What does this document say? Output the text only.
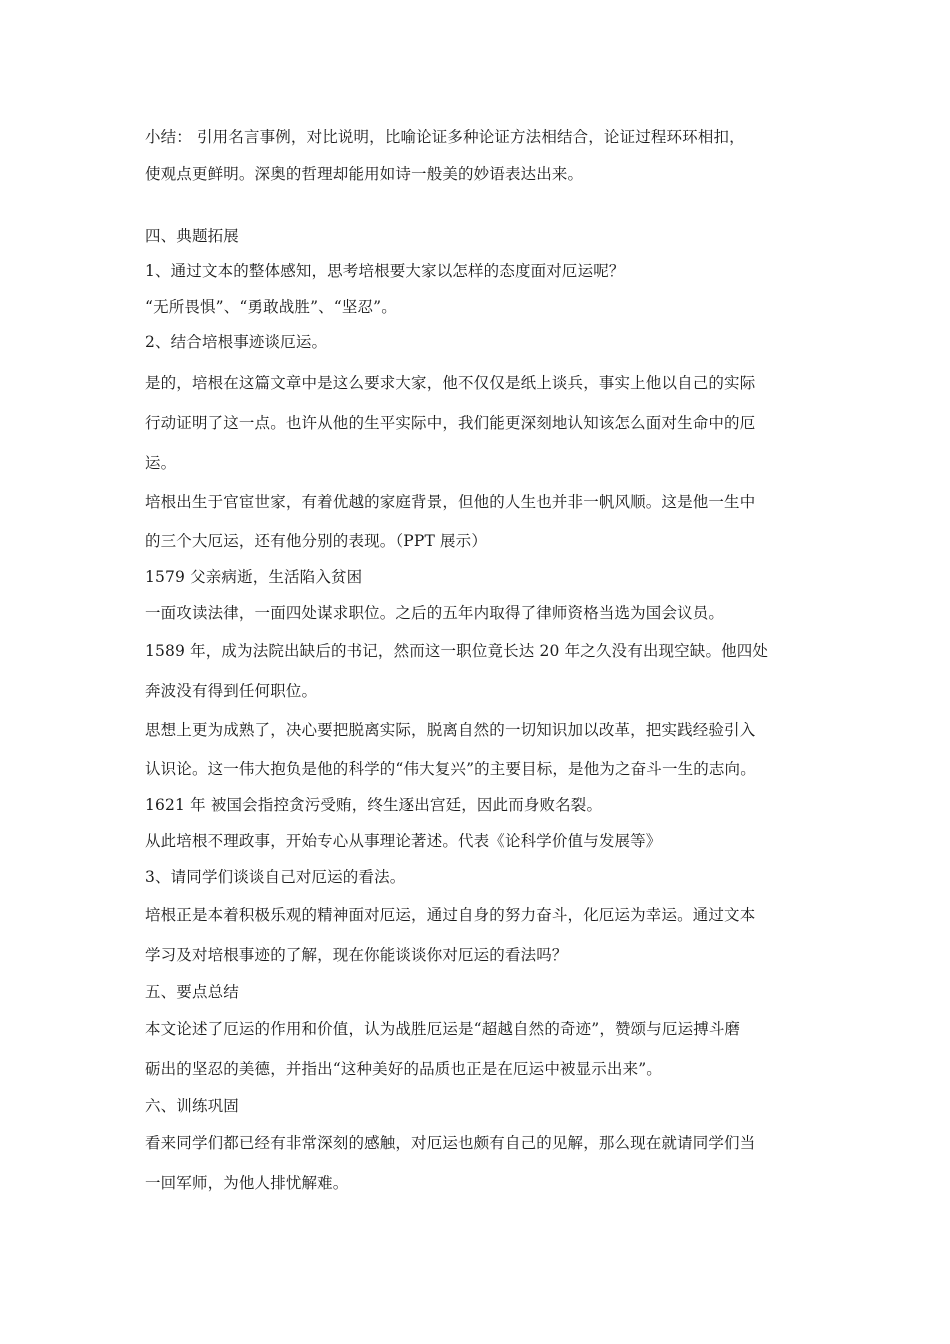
小结： 引用名言事例，对比说明，比喻论证多种论证方法相结合，论证过程环环相扣，
使观点更鲜明。深奥的哲理却能用如诗一般美的妙语表达出来。
四、典题拓展
1、通过文本的整体感知，思考培根要大家以怎样的态度面对厄运呢？
“无所畏惧”、“勇敢战胜”、“坚忍”。
2、结合培根事迹谈厄运。
是的，培根在这篇文章中是这么要求大家，他不仅仅是纸上谈兵，事实上他以自己的实际
行动证明了这一点。也许从他的生平实际中，我们能更深刻地认知该怎么面对生命中的厄
运。
培根出生于官宦世家，有着优越的家庭背景，但他的人生也并非一帆风顺。这是他一生中
的三个大厄运，还有他分别的表现。（PPT 展示）
1579 父亲病逝，生活陷入贫困
一面攻读法律，一面四处谋求职位。之后的五年内取得了律师资格当选为国会议员。
1589 年，成为法院出缺后的书记，然而这一职位竟长达 20 年之久没有出现空缺。他四处
奔波没有得到任何职位。
思想上更为成熟了，决心要把脱离实际，脱离自然的一切知识加以改革，把实践经验引入
认识论。这一伟大抱负是他的科学的“伟大复兴”的主要目标，是他为之奋斗一生的志向。
1621 年 被国会指控贪污受贿，终生逐出宫廷，因此而身败名裂。
从此培根不理政事，开始专心从事理论著述。代表《论科学价值与发展等》
3、请同学们谈谈自己对厄运的看法。
培根正是本着积极乐观的精神面对厄运，通过自身的努力奋斗，化厄运为幸运。通过文本
学习及对培根事迹的了解，现在你能谈谈你对厄运的看法吗？
五、要点总结
本文论述了厄运的作用和价值，认为战胜厄运是“超越自然的奇迹”，赞颂与厄运搏斗磨
砺出的坚忍的美德，并指出“这种美好的品质也正是在厄运中被显示出来”。
六、训练巩固
看来同学们都已经有非常深刻的感触，对厄运也颇有自己的见解，那么现在就请同学们当
一回军师，为他人排忧解难。
